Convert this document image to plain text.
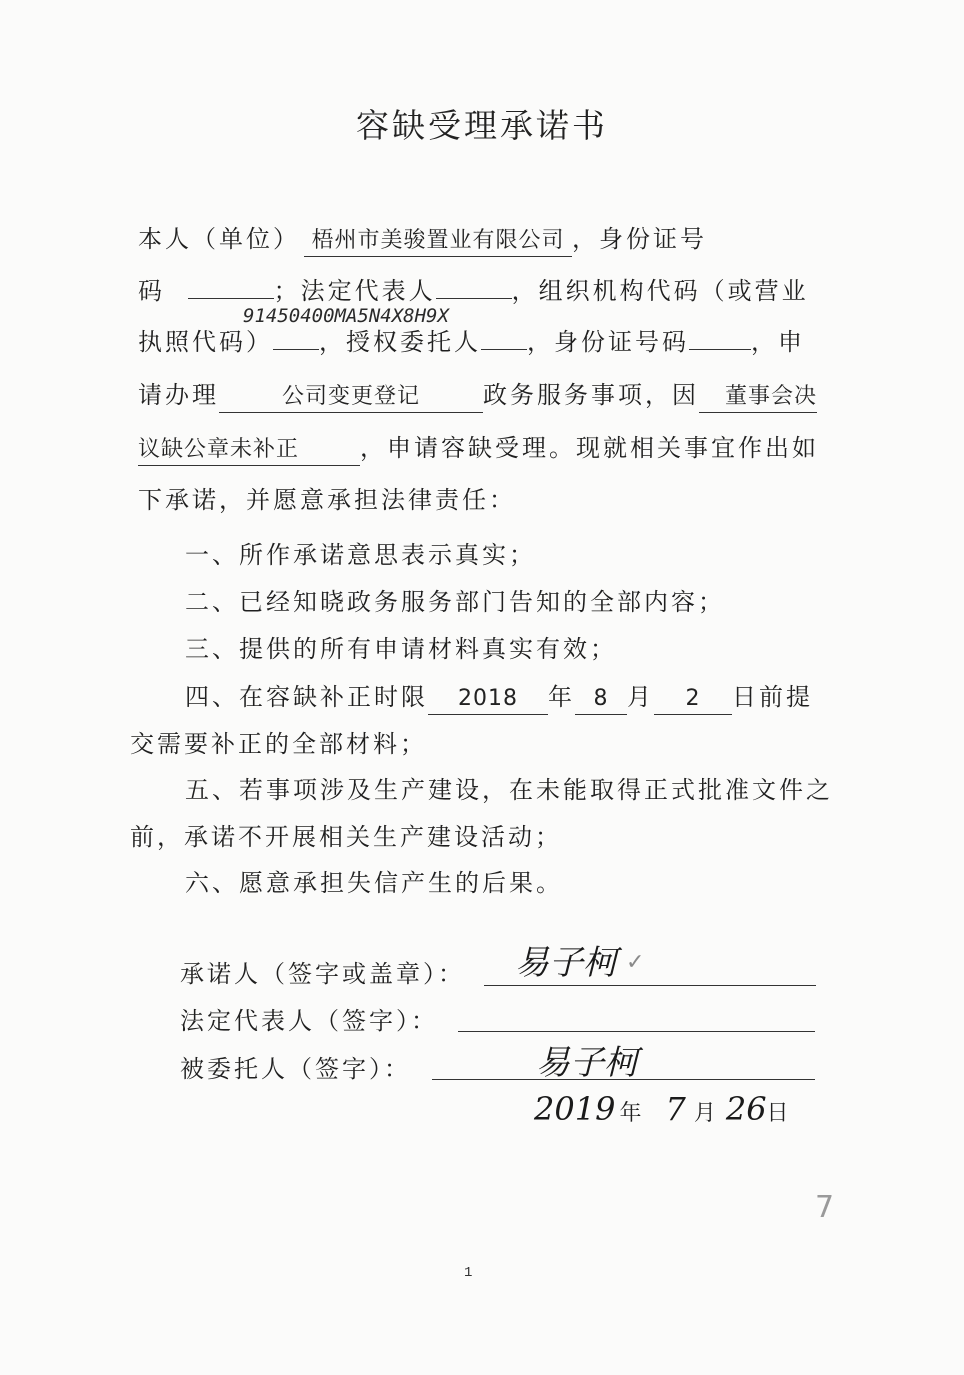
容缺受理承诺书
本人（单位） 梧州市美骏置业有限公司 ，身份证号
码	；法定代表人	，组织机构代码（或营业
91450400MA5N4X8H9X
执照代码） ，授权委托人 ，身份证号码	，申
请办理	公司变更登记	政务服务事项，因 董事会决
议缺公章未补正	，申请容缺受理。现就相关事宜作出如
下承诺，并愿意承担法律责任：
一、所作承诺意思表示真实；
二、已经知晓政务服务部门告知的全部内容；
三、提供的所有申请材料真实有效；
四、在容缺补正时限 2018 年 8 月 2 日前提
交需要补正的全部材料；
五、若事项涉及生产建设，在未能取得正式批准文件之
前，承诺不开展相关生产建设活动；
六、愿意承担失信产生的后果。
承诺人（签字或盖章）： 易子柯 ✓
法定代表人（签字）：
被委托人（签字）：	易子柯
2019 年 7 月 26日
7
1
